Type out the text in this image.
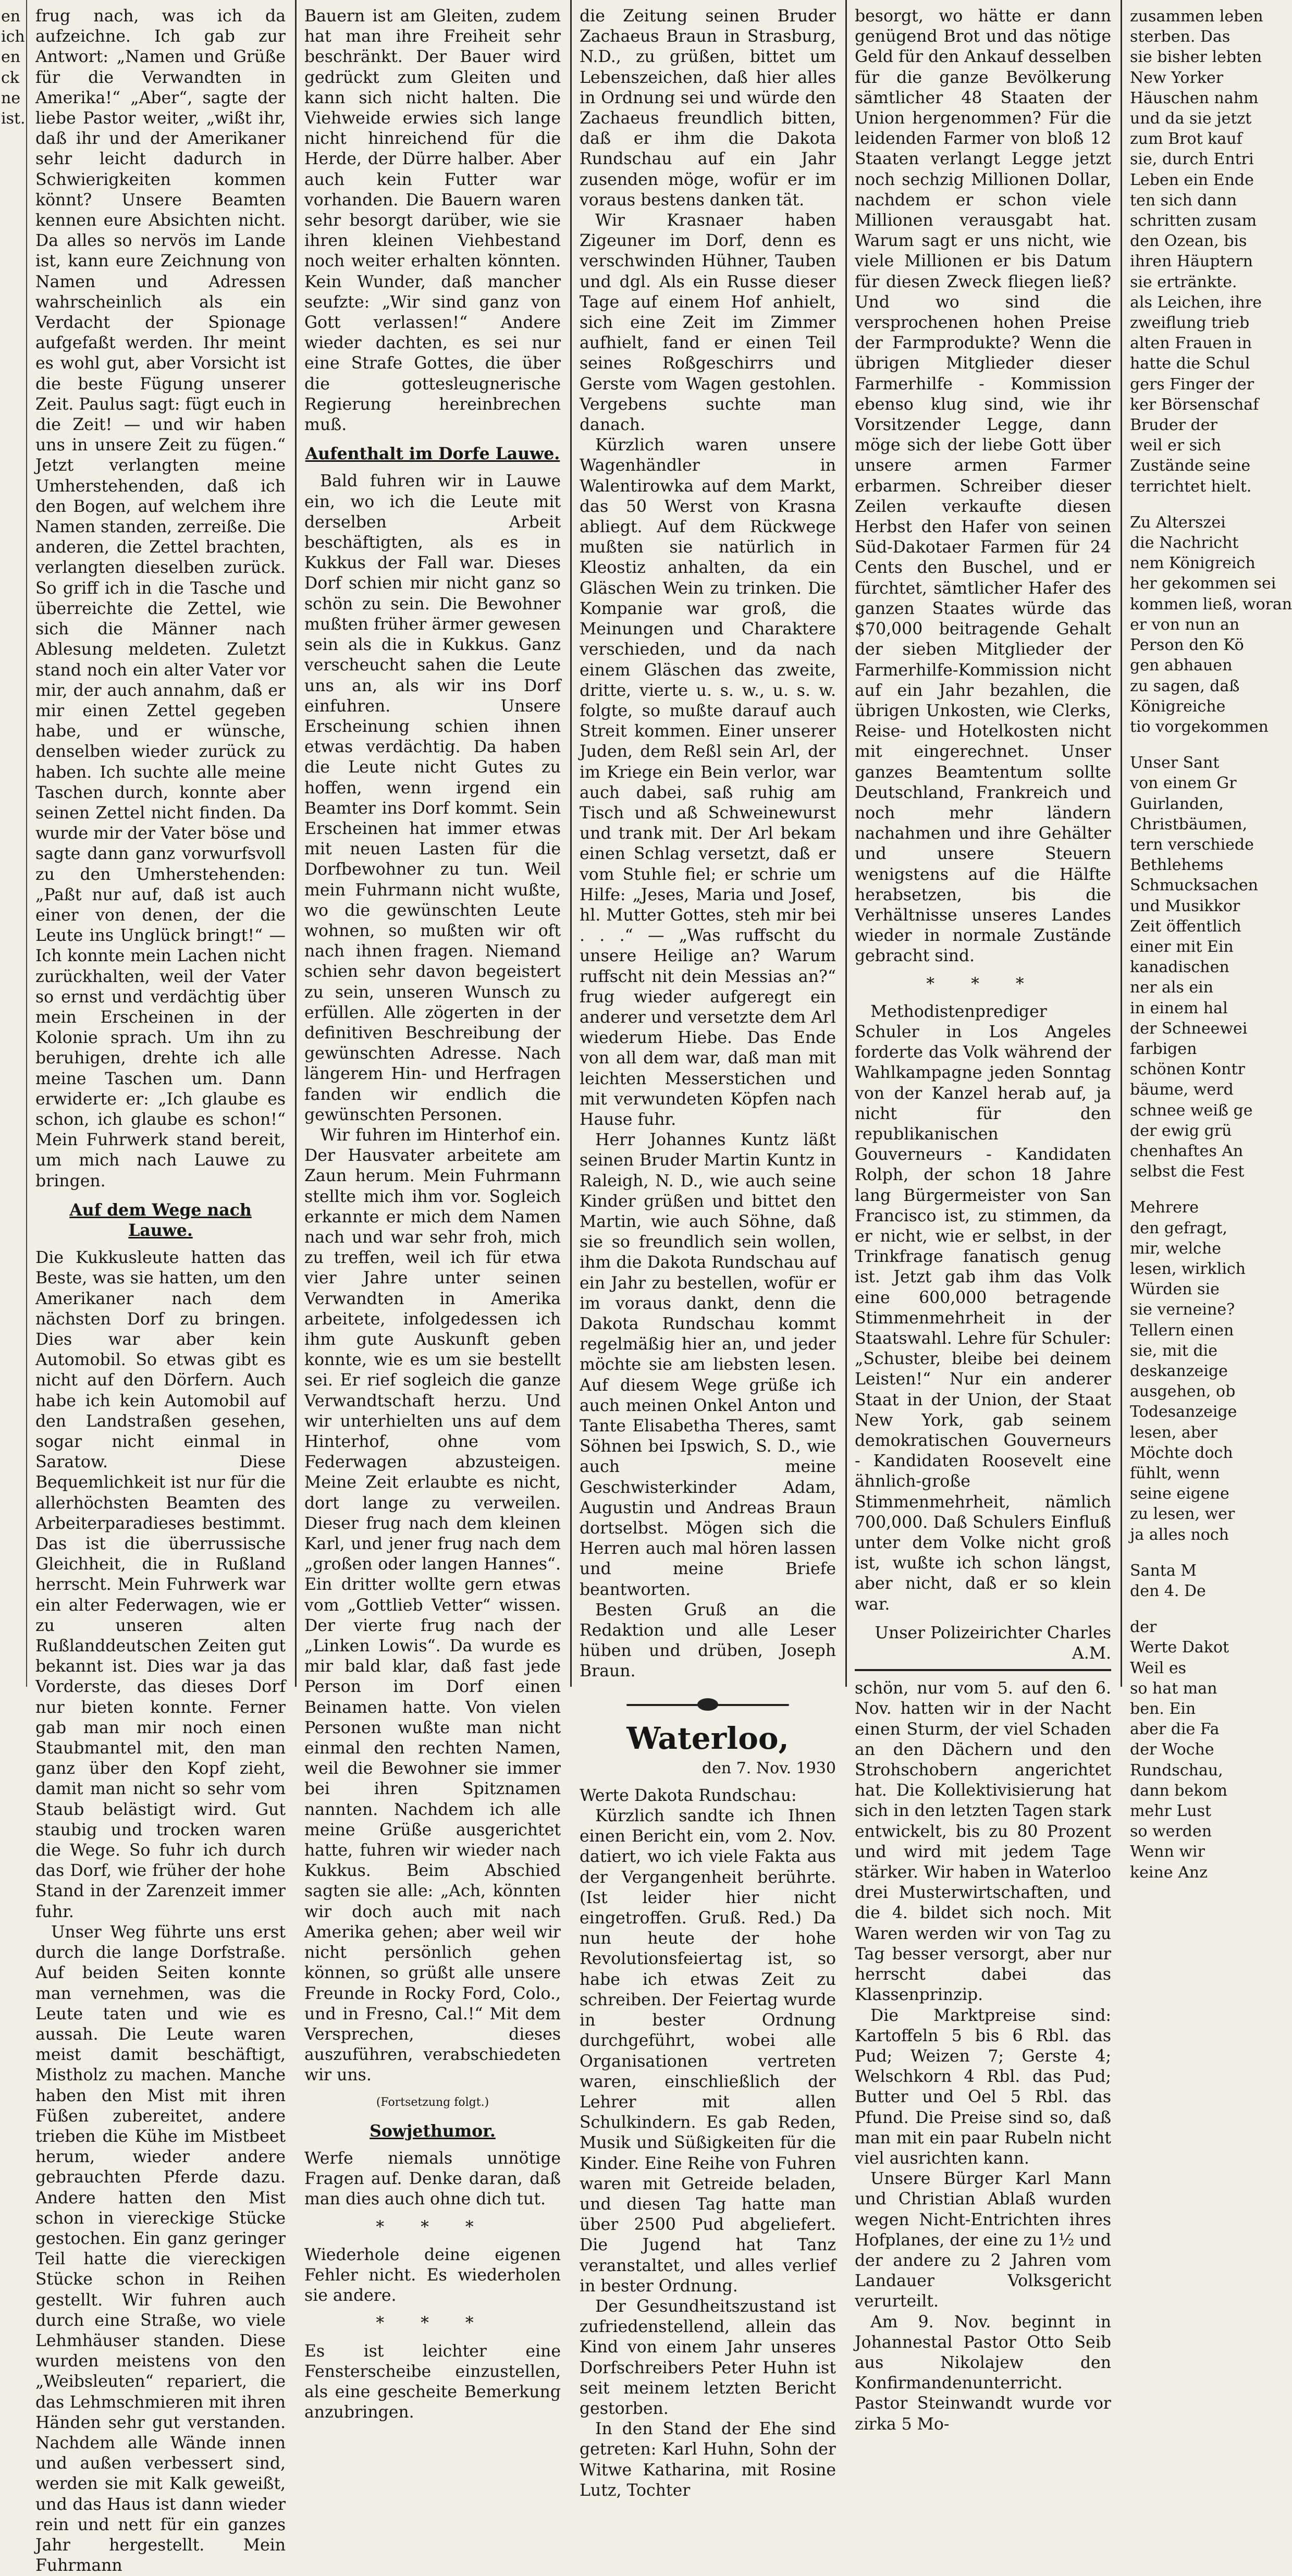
en
ich
en
ck
ne
ist.

frug nach, was ich da aufzeichne. Ich gab zur Antwort: „Namen und Grüße für die Verwandten in Amerika!“ „Aber“, sagte der liebe Pastor weiter, „wißt ihr, daß ihr und der Amerikaner sehr leicht dadurch in Schwierigkeiten kommen könnt? Unsere Beamten kennen eure Absichten nicht. Da alles so nervös im Lande ist, kann eure Zeichnung von Namen und Adressen wahrscheinlich als ein Verdacht der Spionage aufgefaßt werden. Ihr meint es wohl gut, aber Vorsicht ist die beste Fügung unserer Zeit. Paulus sagt: fügt euch in die Zeit! — und wir haben uns in unsere Zeit zu fügen.“ Jetzt verlangten meine Umherstehenden, daß ich den Bogen, auf welchem ihre Namen standen, zerreiße. Die anderen, die Zettel brachten, verlangten dieselben zurück. So griff ich in die Tasche und überreichte die Zettel, wie sich die Männer nach Ablesung meldeten. Zuletzt stand noch ein alter Vater vor mir, der auch annahm, daß er mir einen Zettel gegeben habe, und er wünsche, denselben wieder zurück zu haben. Ich suchte alle meine Taschen durch, konnte aber seinen Zettel nicht finden. Da wurde mir der Vater böse und sagte dann ganz vorwurfsvoll zu den Umherstehenden: „Paßt nur auf, daß ist auch einer von denen, der die Leute ins Unglück bringt!“ — Ich konnte mein Lachen nicht zurückhalten, weil der Vater so ernst und verdächtig über mein Erscheinen in der Kolonie sprach. Um ihn zu beruhigen, drehte ich alle meine Taschen um. Dann erwiderte er: „Ich glaube es schon, ich glaube es schon!“ Mein Fuhrwerk stand bereit, um mich nach Lauwe zu bringen.

Auf dem Wege nach Lauwe.

Die Kukkusleute hatten das Beste, was sie hatten, um den Amerikaner nach dem nächsten Dorf zu bringen. Dies war aber kein Automobil. So etwas gibt es nicht auf den Dörfern. Auch habe ich kein Automobil auf den Landstraßen gesehen, sogar nicht einmal in Saratow. Diese Bequemlichkeit ist nur für die allerhöchsten Beamten des Arbeiterparadieses bestimmt. Das ist die überrussische Gleichheit, die in Rußland herrscht. Mein Fuhrwerk war ein alter Federwagen, wie er zu unseren alten Rußlanddeutschen Zeiten gut bekannt ist. Dies war ja das Vorderste, das dieses Dorf nur bieten konnte. Ferner gab man mir noch einen Staubmantel mit, den man ganz über den Kopf zieht, damit man nicht so sehr vom Staub belästigt wird. Gut staubig und trocken waren die Wege. So fuhr ich durch das Dorf, wie früher der hohe Stand in der Zarenzeit immer fuhr.

Unser Weg führte uns erst durch die lange Dorfstraße. Auf beiden Seiten konnte man vernehmen, was die Leute taten und wie es aussah. Die Leute waren meist damit beschäftigt, Mistholz zu machen. Manche haben den Mist mit ihren Füßen zubereitet, andere trieben die Kühe im Mistbeet herum, wieder andere gebrauchten Pferde dazu. Andere hatten den Mist schon in viereckige Stücke gestochen. Ein ganz geringer Teil hatte die viereckigen Stücke schon in Reihen gestellt. Wir fuhren auch durch eine Straße, wo viele Lehmhäuser standen. Diese wurden meistens von den „Weibsleuten“ repariert, die das Lehmschmieren mit ihren Händen sehr gut verstanden. Nachdem alle Wände innen und außen verbessert sind, werden sie mit Kalk geweißt, und das Haus ist dann wieder rein und nett für ein ganzes Jahr hergestellt. Mein Fuhrmann

Bauern ist am Gleiten, zudem hat man ihre Freiheit sehr beschränkt. Der Bauer wird gedrückt zum Gleiten und kann sich nicht halten. Die Viehweide erwies sich lange nicht hinreichend für die Herde, der Dürre halber. Aber auch kein Futter war vorhanden. Die Bauern waren sehr besorgt darüber, wie sie ihren kleinen Viehbestand noch weiter erhalten könnten. Kein Wunder, daß mancher seufzte: „Wir sind ganz von Gott verlassen!“ Andere wieder dachten, es sei nur eine Strafe Gottes, die über die gottesleugnerische Regierung hereinbrechen muß.

Aufenthalt im Dorfe Lauwe.

Bald fuhren wir in Lauwe ein, wo ich die Leute mit derselben Arbeit beschäftigten, als es in Kukkus der Fall war. Dieses Dorf schien mir nicht ganz so schön zu sein. Die Bewohner mußten früher ärmer gewesen sein als die in Kukkus. Ganz verscheucht sahen die Leute uns an, als wir ins Dorf einfuhren. Unsere Erscheinung schien ihnen etwas verdächtig. Da haben die Leute nicht Gutes zu hoffen, wenn irgend ein Beamter ins Dorf kommt. Sein Erscheinen hat immer etwas mit neuen Lasten für die Dorfbewohner zu tun. Weil mein Fuhrmann nicht wußte, wo die gewünschten Leute wohnen, so mußten wir oft nach ihnen fragen. Niemand schien sehr davon begeistert zu sein, unseren Wunsch zu erfüllen. Alle zögerten in der definitiven Beschreibung der gewünschten Adresse. Nach längerem Hin- und Herfragen fanden wir endlich die gewünschten Personen.

Wir fuhren im Hinterhof ein. Der Hausvater arbeitete am Zaun herum. Mein Fuhrmann stellte mich ihm vor. Sogleich erkannte er mich dem Namen nach und war sehr froh, mich zu treffen, weil ich für etwa vier Jahre unter seinen Verwandten in Amerika arbeitete, infolgedessen ich ihm gute Auskunft geben konnte, wie es um sie bestellt sei. Er rief sogleich die ganze Verwandtschaft herzu. Und wir unterhielten uns auf dem Hinterhof, ohne vom Federwagen abzusteigen. Meine Zeit erlaubte es nicht, dort lange zu verweilen. Dieser frug nach dem kleinen Karl, und jener frug nach dem „großen oder langen Hannes“. Ein dritter wollte gern etwas vom „Gottlieb Vetter“ wissen. Der vierte frug nach der „Linken Lowis“. Da wurde es mir bald klar, daß fast jede Person im Dorf einen Beinamen hatte. Von vielen Personen wußte man nicht einmal den rechten Namen, weil die Bewohner sie immer bei ihren Spitznamen nannten. Nachdem ich alle meine Grüße ausgerichtet hatte, fuhren wir wieder nach Kukkus. Beim Abschied sagten sie alle: „Ach, könnten wir doch auch mit nach Amerika gehen; aber weil wir nicht persönlich gehen können, so grüßt alle unsere Freunde in Rocky Ford, Colo., und in Fresno, Cal.!“ Mit dem Versprechen, dieses auszuführen, verabschiedeten wir uns.

(Fortsetzung folgt.)
Sowjethumor.

Werfe niemals unnötige Fragen auf. Denke daran, daß man dies auch ohne dich tut.

* * *

Wiederhole deine eigenen Fehler nicht. Es wiederholen sie andere.

* * *

Es ist leichter eine Fensterscheibe einzustellen, als eine gescheite Bemerkung anzubringen.

die Zeitung seinen Bruder Zachaeus Braun in Strasburg, N.D., zu grüßen, bittet um Lebenszeichen, daß hier alles in Ordnung sei und würde den Zachaeus freundlich bitten, daß er ihm die Dakota Rundschau auf ein Jahr zusenden möge, wofür er im voraus bestens danken tät.

Wir Krasnaer haben Zigeuner im Dorf, denn es verschwinden Hühner, Tauben und dgl. Als ein Russe dieser Tage auf einem Hof anhielt, sich eine Zeit im Zimmer aufhielt, fand er einen Teil seines Roßgeschirrs und Gerste vom Wagen gestohlen. Vergebens suchte man danach.

Kürzlich waren unsere Wagenhändler in Walentirowka auf dem Markt, das 50 Werst von Krasna abliegt. Auf dem Rückwege mußten sie natürlich in Kleostiz anhalten, da ein Gläschen Wein zu trinken. Die Kompanie war groß, die Meinungen und Charaktere verschieden, und da nach einem Gläschen das zweite, dritte, vierte u. s. w., u. s. w. folgte, so mußte darauf auch Streit kommen. Einer unserer Juden, dem Reßl sein Arl, der im Kriege ein Bein verlor, war auch dabei, saß ruhig am Tisch und aß Schweinewurst und trank mit. Der Arl bekam einen Schlag versetzt, daß er vom Stuhle fiel; er schrie um Hilfe: „Jeses, Maria und Josef, hl. Mutter Gottes, steh mir bei . . .“ — „Was ruffscht du unsere Heilige an? Warum ruffscht nit dein Messias an?“ frug wieder aufgeregt ein anderer und versetzte dem Arl wiederum Hiebe. Das Ende von all dem war, daß man mit leichten Messerstichen und mit verwundeten Köpfen nach Hause fuhr.

Herr Johannes Kuntz läßt seinen Bruder Martin Kuntz in Raleigh, N. D., wie auch seine Kinder grüßen und bittet den Martin, wie auch Söhne, daß sie so freundlich sein wollen, ihm die Dakota Rundschau auf ein Jahr zu bestellen, wofür er im voraus dankt, denn die Dakota Rundschau kommt regelmäßig hier an, und jeder möchte sie am liebsten lesen. Auf diesem Wege grüße ich auch meinen Onkel Anton und Tante Elisabetha Theres, samt Söhnen bei Ipswich, S. D., wie auch meine Geschwisterkinder Adam, Augustin und Andreas Braun dortselbst. Mögen sich die Herren auch mal hören lassen und meine Briefe beantworten.

Besten Gruß an die Redaktion und alle Leser hüben und drüben, Joseph Braun.

Waterloo,
den 7. Nov. 1930

Werte Dakota Rundschau:

Kürzlich sandte ich Ihnen einen Bericht ein, vom 2. Nov. datiert, wo ich viele Fakta aus der Vergangenheit berührte. (Ist leider hier nicht eingetroffen. Gruß. Red.) Da nun heute der hohe Revolutionsfeiertag ist, so habe ich etwas Zeit zu schreiben. Der Feiertag wurde in bester Ordnung durchgeführt, wobei alle Organisationen vertreten waren, einschließlich der Lehrer mit allen Schulkindern. Es gab Reden, Musik und Süßigkeiten für die Kinder. Eine Reihe von Fuhren waren mit Getreide beladen, und diesen Tag hatte man über 2500 Pud abgeliefert. Die Jugend hat Tanz veranstaltet, und alles verlief in bester Ordnung.

Der Gesundheitszustand ist zufriedenstellend, allein das Kind von einem Jahr unseres Dorfschreibers Peter Huhn ist seit meinem letzten Bericht gestorben.

In den Stand der Ehe sind getreten: Karl Huhn, Sohn der Witwe Katharina, mit Rosine Lutz, Tochter

besorgt, wo hätte er dann genügend Brot und das nötige Geld für den Ankauf desselben für die ganze Bevölkerung sämtlicher 48 Staaten der Union hergenommen? Für die leidenden Farmer von bloß 12 Staaten verlangt Legge jetzt noch sechzig Millionen Dollar, nachdem er schon viele Millionen verausgabt hat. Warum sagt er uns nicht, wie viele Millionen er bis Datum für diesen Zweck fliegen ließ? Und wo sind die versprochenen hohen Preise der Farmprodukte? Wenn die übrigen Mitglieder dieser Farmerhilfe - Kommission ebenso klug sind, wie ihr Vorsitzender Legge, dann möge sich der liebe Gott über unsere armen Farmer erbarmen. Schreiber dieser Zeilen verkaufte diesen Herbst den Hafer von seinen Süd-Dakotaer Farmen für 24 Cents den Buschel, und er fürchtet, sämtlicher Hafer des ganzen Staates würde das $70,000 beitragende Gehalt der sieben Mitglieder der Farmerhilfe-Kommission nicht auf ein Jahr bezahlen, die übrigen Unkosten, wie Clerks, Reise- und Hotelkosten nicht mit eingerechnet. Unser ganzes Beamtentum sollte Deutschland, Frankreich und noch mehr ländern nachahmen und ihre Gehälter und unsere Steuern wenigstens auf die Hälfte herabsetzen, bis die Verhältnisse unseres Landes wieder in normale Zustände gebracht sind.

* * *

Methodistenprediger Schuler in Los Angeles forderte das Volk während der Wahlkampagne jeden Sonntag von der Kanzel herab auf, ja nicht für den republikanischen Gouverneurs - Kandidaten Rolph, der schon 18 Jahre lang Bürgermeister von San Francisco ist, zu stimmen, da er nicht, wie er selbst, in der Trinkfrage fanatisch genug ist. Jetzt gab ihm das Volk eine 600,000 betragende Stimmenmehrheit in der Staatswahl. Lehre für Schuler: „Schuster, bleibe bei deinem Leisten!“ Nur ein anderer Staat in der Union, der Staat New York, gab seinem demokratischen Gouverneurs - Kandidaten Roosevelt eine ähnlich-große Stimmenmehrheit, nämlich 700,000. Daß Schulers Einfluß unter dem Volke nicht groß ist, wußte ich schon längst, aber nicht, daß er so klein war.

Unser Polizeirichter Charles A.M.

schön, nur vom 5. auf den 6. Nov. hatten wir in der Nacht einen Sturm, der viel Schaden an den Dächern und den Strohschobern angerichtet hat. Die Kollektivisierung hat sich in den letzten Tagen stark entwickelt, bis zu 80 Prozent und wird mit jedem Tage stärker. Wir haben in Waterloo drei Musterwirtschaften, und die 4. bildet sich noch. Mit Waren werden wir von Tag zu Tag besser versorgt, aber nur herrscht dabei das Klassenprinzip.

Die Marktpreise sind: Kartoffeln 5 bis 6 Rbl. das Pud; Weizen 7; Gerste 4; Welschkorn 4 Rbl. das Pud; Butter und Oel 5 Rbl. das Pfund. Die Preise sind so, daß man mit ein paar Rubeln nicht viel ausrichten kann.

Unsere Bürger Karl Mann und Christian Ablaß wurden wegen Nicht-Entrichten ihres Hofplanes, der eine zu 1½ und der andere zu 2 Jahren vom Landauer Volksgericht verurteilt.

Am 9. Nov. beginnt in Johannestal Pastor Otto Seib aus Nikolajew den Konfirmandenunterricht. Pastor Steinwandt wurde vor zirka 5 Mo-

zusammen leben
sterben. Das
sie bisher lebten
New Yorker
Häuschen nahm
und da sie jetzt
zum Brot kauf
sie, durch Entri
Leben ein Ende
ten sich dann
schritten zusam
den Ozean, bis
ihren Häuptern
sie ertränkte.
als Leichen, ihre
zweiflung trieb
alten Frauen in
hatte die Schul
gers Finger der
ker Börsenschaf
Bruder der
weil er sich
Zustände seine
terrichtet hielt.
Zu Alterszei
die Nachricht
nem Königreich
her gekommen sei
kommen ließ, woran
er von nun an
Person den Kö
gen abhauen
zu sagen, daß
Königreiche
tio vorgekommen
Unser Sant
von einem Gr
Guirlanden,
Christbäumen,
tern verschiede
Bethlehems
Schmucksachen
und Musikkor
Zeit öffentlich
einer mit Ein
kanadischen
ner als ein
in einem hal
der Schneewei
farbigen
schönen Kontr
bäume, werd
schnee weiß ge
der ewig grü
chenhaftes An
selbst die Fest
Mehrere
den gefragt,
mir, welche
lesen, wirklich
Würden sie
sie verneine?
Tellern einen
sie, mit die
deskanzeige
ausgehen, ob
Todesanzeige
lesen, aber
Möchte doch
fühlt, wenn
seine eigene
zu lesen, wer
ja alles noch
Santa M
den 4. De
der
Werte Dakot
Weil es
so hat man
ben. Ein
aber die Fa
der Woche
Rundschau,
dann bekom
mehr Lust
so werden
Wenn wir
keine Anz
